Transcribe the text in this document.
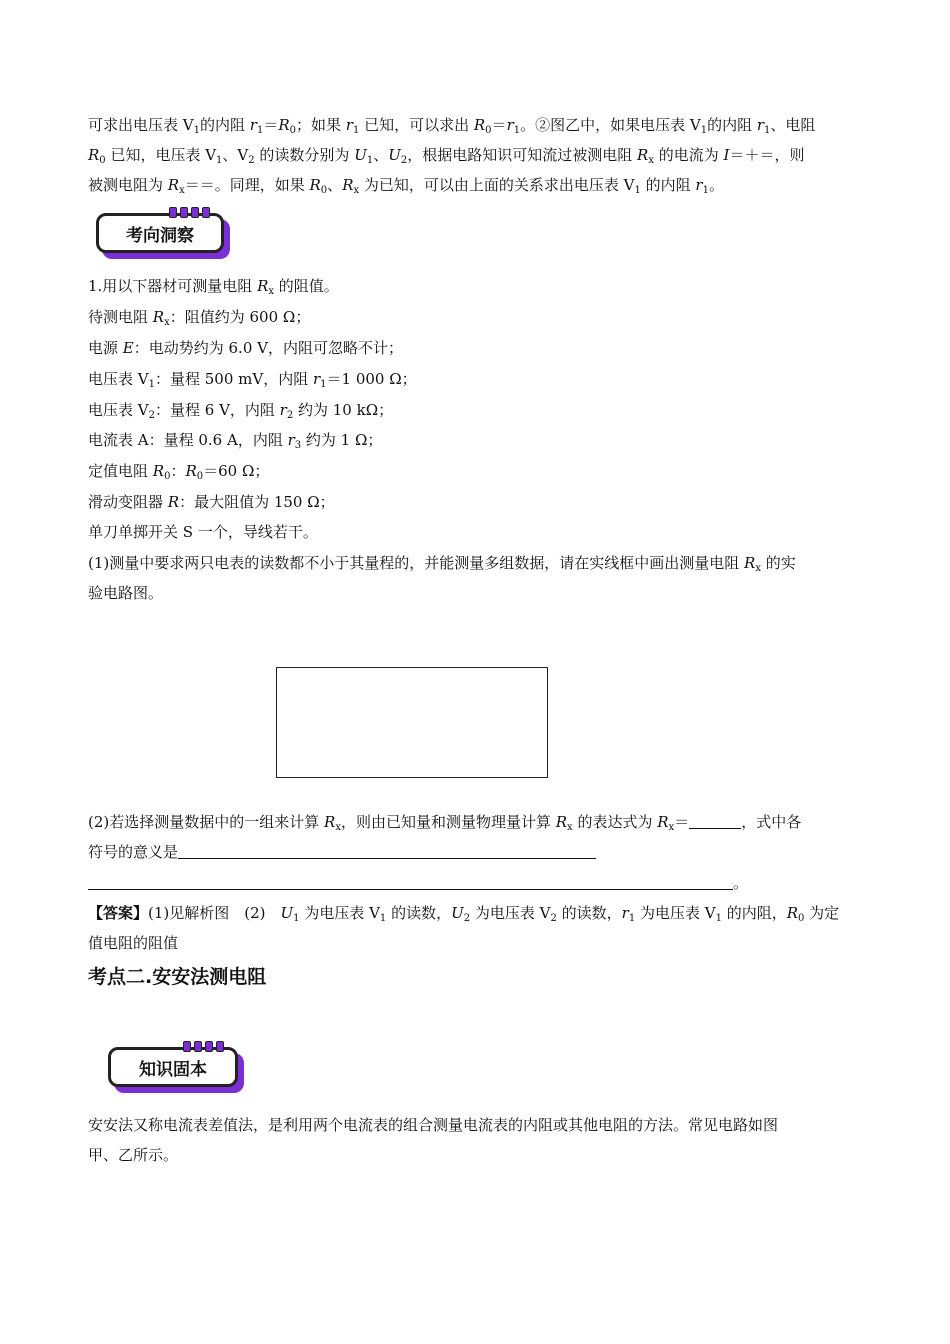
可求出电压表 $V_1$的内阻 $r_1=R_0$；如果 $r_1$ 已知，可以求出 $R_0=r_1$。②图乙中，如果电压表 $V_1$的内阻 $r_1$、电阻
$R_0$ 已知，电压表 $V_1$、$V_2$ 的读数分别为 $U_1$、$U_2$，根据电路知识可知流过被测电阻 $R_x$ 的电流为 I＝＋＝，则
被测电阻为 $R_x==$。同理，如果 $R_0$、$R_x$ 为已知，可以由上面的关系求出电压表 $V_1$ 的内阻 $r_1$。
考向洞察
1.用以下器材可测量电阻 $R_x$ 的阻值。
待测电阻 $R_x$：阻值约为 600 Ω；
电源 E：电动势约为 6.0 V，内阻可忽略不计；
电压表 $V_1$：量程 500 mV，内阻 $r_1=1$ 000 Ω；
电压表 $V_2$：量程 6 V，内阻 $r_2$ 约为 10 kΩ；
电流表 A：量程 0.6 A，内阻 $r_3$ 约为 1 Ω；
定值电阻 $R_0$：$R_0=60$ Ω；
滑动变阻器 R：最大阻值为 150 Ω；
单刀单掷开关 S 一个，导线若干。
(1)测量中要求两只电表的读数都不小于其量程的，并能测量多组数据，请在实线框中画出测量电阻 $R_x$ 的实
验电路图。
(2)若选择测量数据中的一组来计算 $R_x$，则由已知量和测量物理量计算 $R_x$ 的表达式为 $R_x=$	，式中各
符号的意义是
。
【答案】(1)见解析图　(2)　$U_1$ 为电压表 $V_1$ 的读数，$U_2$ 为电压表 $V_2$ 的读数，$r_1$ 为电压表 $V_1$ 的内阻，$R_0$ 为定
值电阻的阻值
考点二.安安法测电阻
知识固本
安安法又称电流表差值法，是利用两个电流表的组合测量电流表的内阻或其他电阻的方法。常见电路如图
甲、乙所示。
